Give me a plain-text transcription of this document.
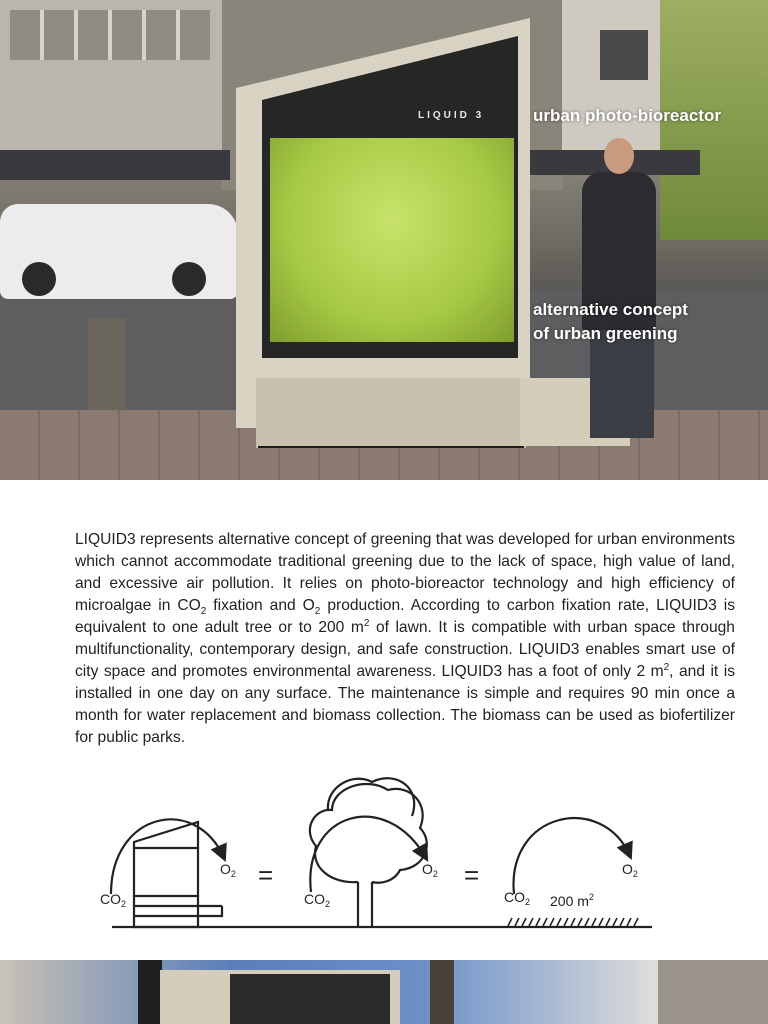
LIQUID 3	urban photo-bioreactor
alternative concept
of urban greening

LIQUID3 represents alternative concept of greening that was developed for urban environments which cannot accommodate traditional greening due to the lack of space, high value of land, and excessive air pollution. It relies on photo-bioreactor technology and high efficiency of microalgae in $CO_2$ fixation and $O_2$ production. According to carbon fixation rate, LIQUID3 is equivalent to one adult tree or to 200 $m^2$ of lawn. It is compatible with urban space through multifunctionality, contemporary design, and safe construction. LIQUID3 enables smart use of city space and promotes environmental awareness. LIQUID3 has a foot of only 2 $m^2$, and it is installed in one day on any surface. The maintenance is simple and requires 90 min once a month for water replacement and biomass collection. The biomass can be used as biofertilizer for public parks.

$CO_2$
$O_2$ =
$CO_2$
$O_2$ =
$CO_2$
$O_2$
200 $m^2$
